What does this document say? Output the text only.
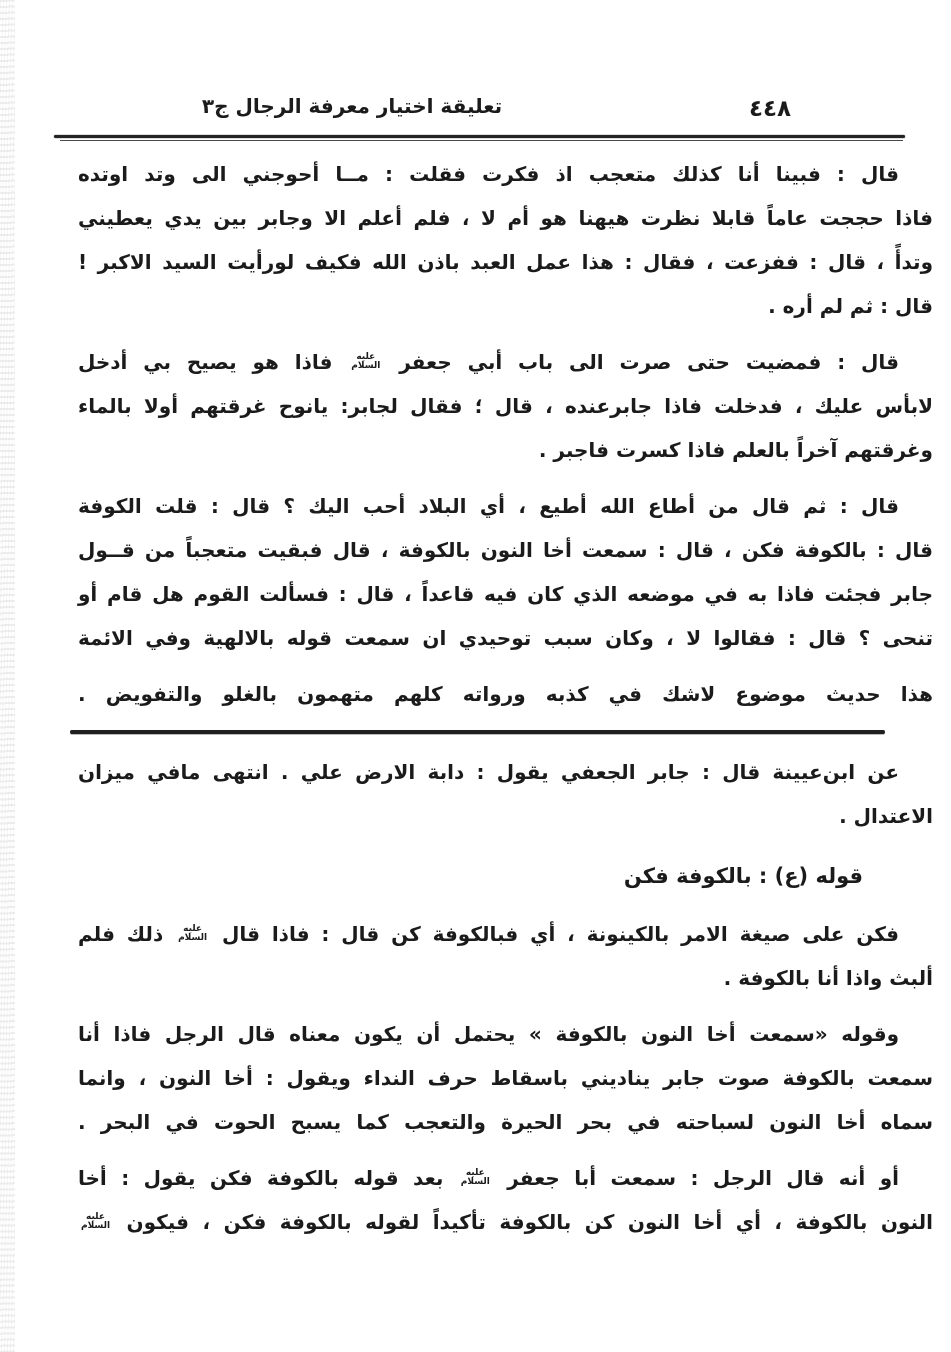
تعليقة اختيار معرفة الرجال ج٣	٤٤٨
قال : فبينا أنا كذلك متعجب اذ فكرت فقلت : مــا أحوجني الى وتد اوتده
فاذا حججت عاماً قابلا نظرت هيهنا هو أم لا ، فلم أعلم الا وجابر بين يدي يعطيني
وتدأً ، قال : ففزعت ، فقال : هذا عمل العبد باذن الله فكيف لورأيت السيد الاكبر !
قال : ثم لم أره .
قال : فمضيت حتى صرت الى باب أبي جعفر
عليه
السلام
فاذا هو يصيح بي أدخل
لابأس عليك ، فدخلت فاذا جابرعنده ، قال ؛ فقال لجابر: يانوح غرقتهم أولا بالماء
وغرقتهم آخراً بالعلم فاذا كسرت فاجبر .
قال : ثم قال من أطاع الله أطيع ، أي البلاد أحب اليك ؟ قال : قلت الكوفة
قال : بالكوفة فكن ، قال : سمعت أخا النون بالكوفة ، قال فبقيت متعجباً من قــول
جابر فجئت فاذا به في موضعه الذي كان فيه قاعداً ، قال : فسألت القوم هل قام أو
تنحى ؟ قال : فقالوا لا ، وكان سبب توحيدي ان سمعت قوله بالالهية وفي الائمة
هذا حديث موضوع لاشك في كذبه ورواته كلهم متهمون بالغلو والتفويض .
عن ابن‌عيينة قال : جابر الجعفي يقول : دابة الارض علي . انتهى مافي ميزان
الاعتدال .
قوله (ع) : بالكوفة فكن
فكن على صيغة الامر بالكينونة ، أي فبالكوفة كن قال : فاذا قال
عليه
السلام
ذلك فلم
ألبث واذا أنا بالكوفة .
وقوله «سمعت أخا النون بالكوفة » يحتمل أن يكون معناه قال الرجل فاذا أنا
سمعت بالكوفة صوت جابر يناديني باسقاط حرف النداء ويقول : أخا النون ، وانما
سماه أخا النون لسباحته في بحر الحيرة والتعجب كما يسبح الحوت في البحر .
أو أنه قال الرجل : سمعت أبا جعفر
عليه
السلام
بعد قوله بالكوفة فكن يقول : أخا
النون بالكوفة ، أي أخا النون كن بالكوفة تأكيداً لقوله بالكوفة فكن ، فيكون
عليه
السلام
